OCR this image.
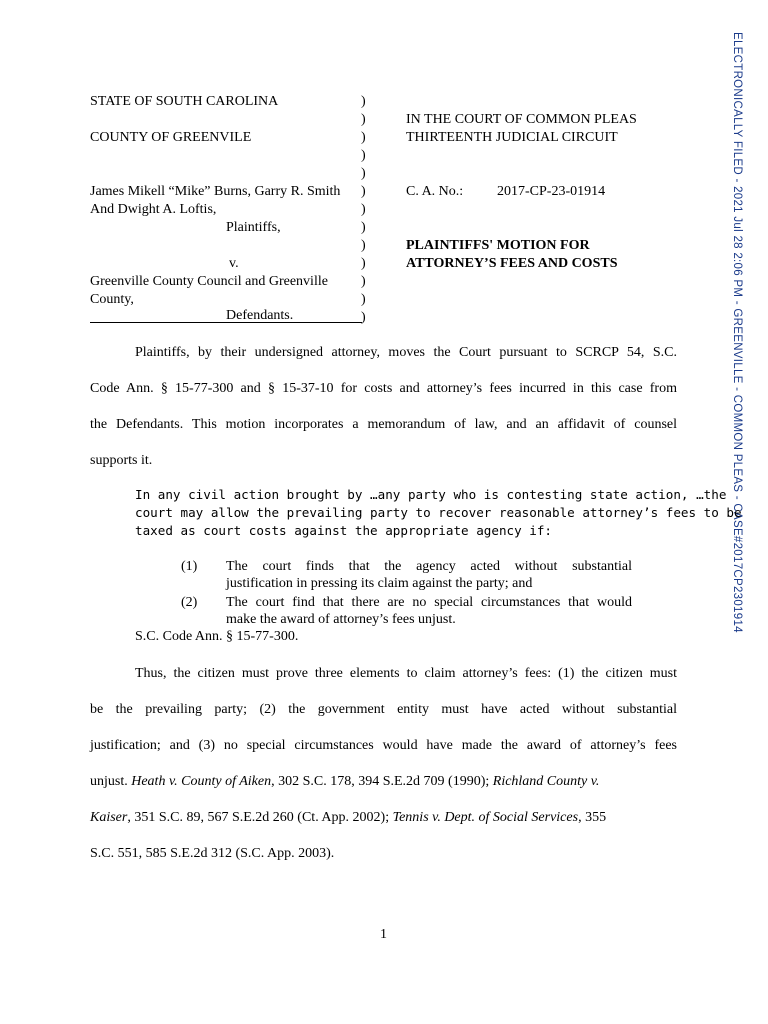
ELECTRONICALLY FILED - 2021 Jul 28 2:06 PM - GREENVILLE - COMMON PLEAS - CASE#2017CP2301914
STATE OF SOUTH CAROLINA
COUNTY OF GREENVILE
James Mikell “Mike” Burns, Garry R. Smith
And Dwight A. Loftis,
Plaintiffs,
v.
Greenville County Council and Greenville
County,
Defendants.
)
)
)
)
)
)
)
)
)
)
)
)
)
IN THE COURT OF COMMON PLEAS
THIRTEENTH JUDICIAL CIRCUIT
C. A. No.: 2017-CP-23-01914
PLAINTIFFS' MOTION FOR
ATTORNEY’S FEES AND COSTS
Plaintiffs, by their undersigned attorney, moves the Court pursuant to SCRCP 54, S.C.
Code Ann. § 15-77-300 and § 15-37-10 for costs and attorney’s fees incurred in this case from
the Defendants. This motion incorporates a memorandum of law, and an affidavit of counsel
supports it.
In any civil action brought by …any party who is contesting state action, …the
court may allow the prevailing party to recover reasonable attorney’s fees to be
taxed as court costs against the appropriate agency if:
(1) The court finds that the agency acted without substantial
justification in pressing its claim against the party; and
(2) The court find that there are no special circumstances that would
make the award of attorney’s fees unjust.
S.C. Code Ann. § 15-77-300.
Thus, the citizen must prove three elements to claim attorney’s fees: (1) the citizen must
be the prevailing party; (2) the government entity must have acted without substantial
justification; and (3) no special circumstances would have made the award of attorney’s fees
unjust. Heath v. County of Aiken, 302 S.C. 178, 394 S.E.2d 709 (1990); Richland County v.
Kaiser, 351 S.C. 89, 567 S.E.2d 260 (Ct. App. 2002); Tennis v. Dept. of Social Services, 355
S.C. 551, 585 S.E.2d 312 (S.C. App. 2003).
1
